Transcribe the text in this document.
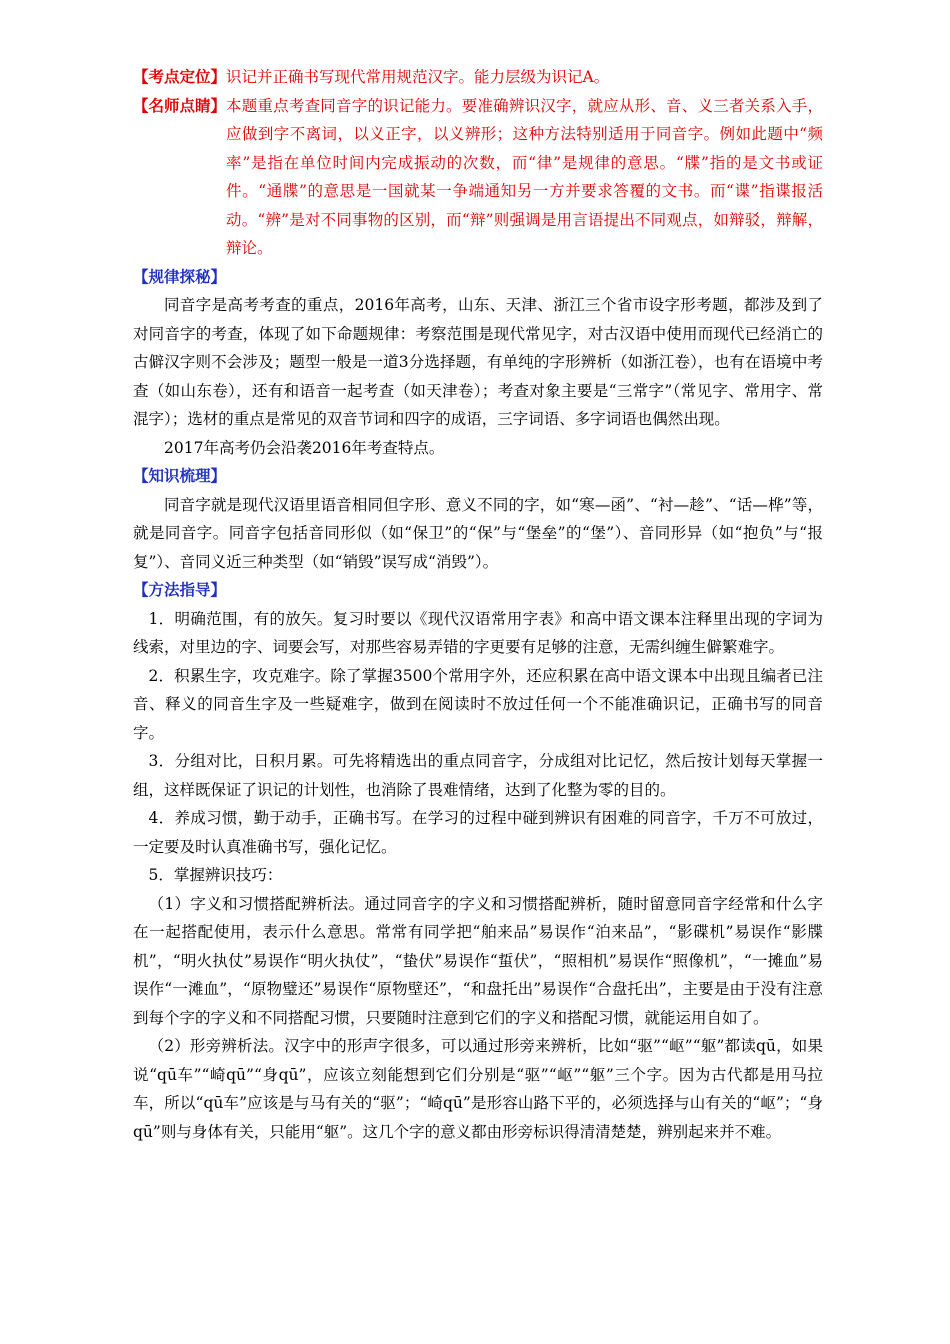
【考点定位】 识记并正确书写现代常用规范汉字。能力层级为识记A。
【名师点睛】 本题重点考查同音字的识记能力。要准确辨识汉字，就应从形、音、义三者关系入手，应做到字不离词，以义正字，以义辨形；这种方法特别适用于同音字。例如此题中“频率”是指在单位时间内完成振动的次数，而“律”是规律的意思。“牒”指的是文书或证件。“通牒”的意思是一国就某一争端通知另一方并要求答覆的文书。而“谍”指谍报活动。“辨”是对不同事物的区别，而“辩”则强调是用言语提出不同观点，如辩驳，辩解，辩论。
【规律探秘】

同音字是高考考查的重点，2016年高考，山东、天津、浙江三个省市设字形考题，都涉及到了对同音字的考查，体现了如下命题规律：考察范围是现代常见字，对古汉语中使用而现代已经消亡的古僻汉字则不会涉及；题型一般是一道3分选择题，有单纯的字形辨析（如浙江卷），也有在语境中考查（如山东卷），还有和语音一起考查（如天津卷）；考查对象主要是“三常字”（常见字、常用字、常混字）；选材的重点是常见的双音节词和四字的成语，三字词语、多字词语也偶然出现。

2017年高考仍会沿袭2016年考查特点。

【知识梳理】

同音字就是现代汉语里语音相同但字形、意义不同的字，如“寒—函”、“衬—趁”、“话—桦”等，就是同音字。同音字包括音同形似（如“保卫”的“保”与“堡垒”的“堡”）、音同形异（如“抱负”与“报复”）、音同义近三种类型（如“销毁”误写成“消毁”）。

【方法指导】

1．明确范围，有的放矢。复习时要以《现代汉语常用字表》和高中语文课本注释里出现的字词为线索，对里边的字、词要会写，对那些容易弄错的字更要有足够的注意，无需纠缠生僻繁难字。

2．积累生字，攻克难字。除了掌握3500个常用字外，还应积累在高中语文课本中出现且编者已注音、释义的同音生字及一些疑难字，做到在阅读时不放过任何一个不能准确识记，正确书写的同音字。

3．分组对比，日积月累。可先将精选出的重点同音字，分成组对比记忆，然后按计划每天掌握一组，这样既保证了识记的计划性，也消除了畏难情绪，达到了化整为零的目的。

4．养成习惯，勤于动手，正确书写。在学习的过程中碰到辨识有困难的同音字，千万不可放过，一定要及时认真准确书写，强化记忆。

5．掌握辨识技巧：

（1）字义和习惯搭配辨析法。通过同音字的字义和习惯搭配辨析，随时留意同音字经常和什么字在一起搭配使用，表示什么意思。常常有同学把“舶来品”易误作“泊来品”，“影碟机”易误作“影牒机”，“明火执仗”易误作“明火执仗”，“蛰伏”易误作“蜇伏”，“照相机”易误作“照像机”，“一摊血”易误作“一滩血”，“原物璧还”易误作“原物壁还”，“和盘托出”易误作“合盘托出”，主要是由于没有注意到每个字的字义和不同搭配习惯，只要随时注意到它们的字义和搭配习惯，就能运用自如了。

（2）形旁辨析法。汉字中的形声字很多，可以通过形旁来辨析，比如“驱”“岖”“躯”都读qū，如果说“qū车”“崎qū”“身qū”，应该立刻能想到它们分别是“驱”“岖”“躯”三个字。因为古代都是用马拉车，所以“qū车”应该是与马有关的“驱”；“崎qū”是形容山路下平的，必须选择与山有关的“岖”；“身qū”则与身体有关，只能用“躯”。这几个字的意义都由形旁标识得清清楚楚，辨别起来并不难。
